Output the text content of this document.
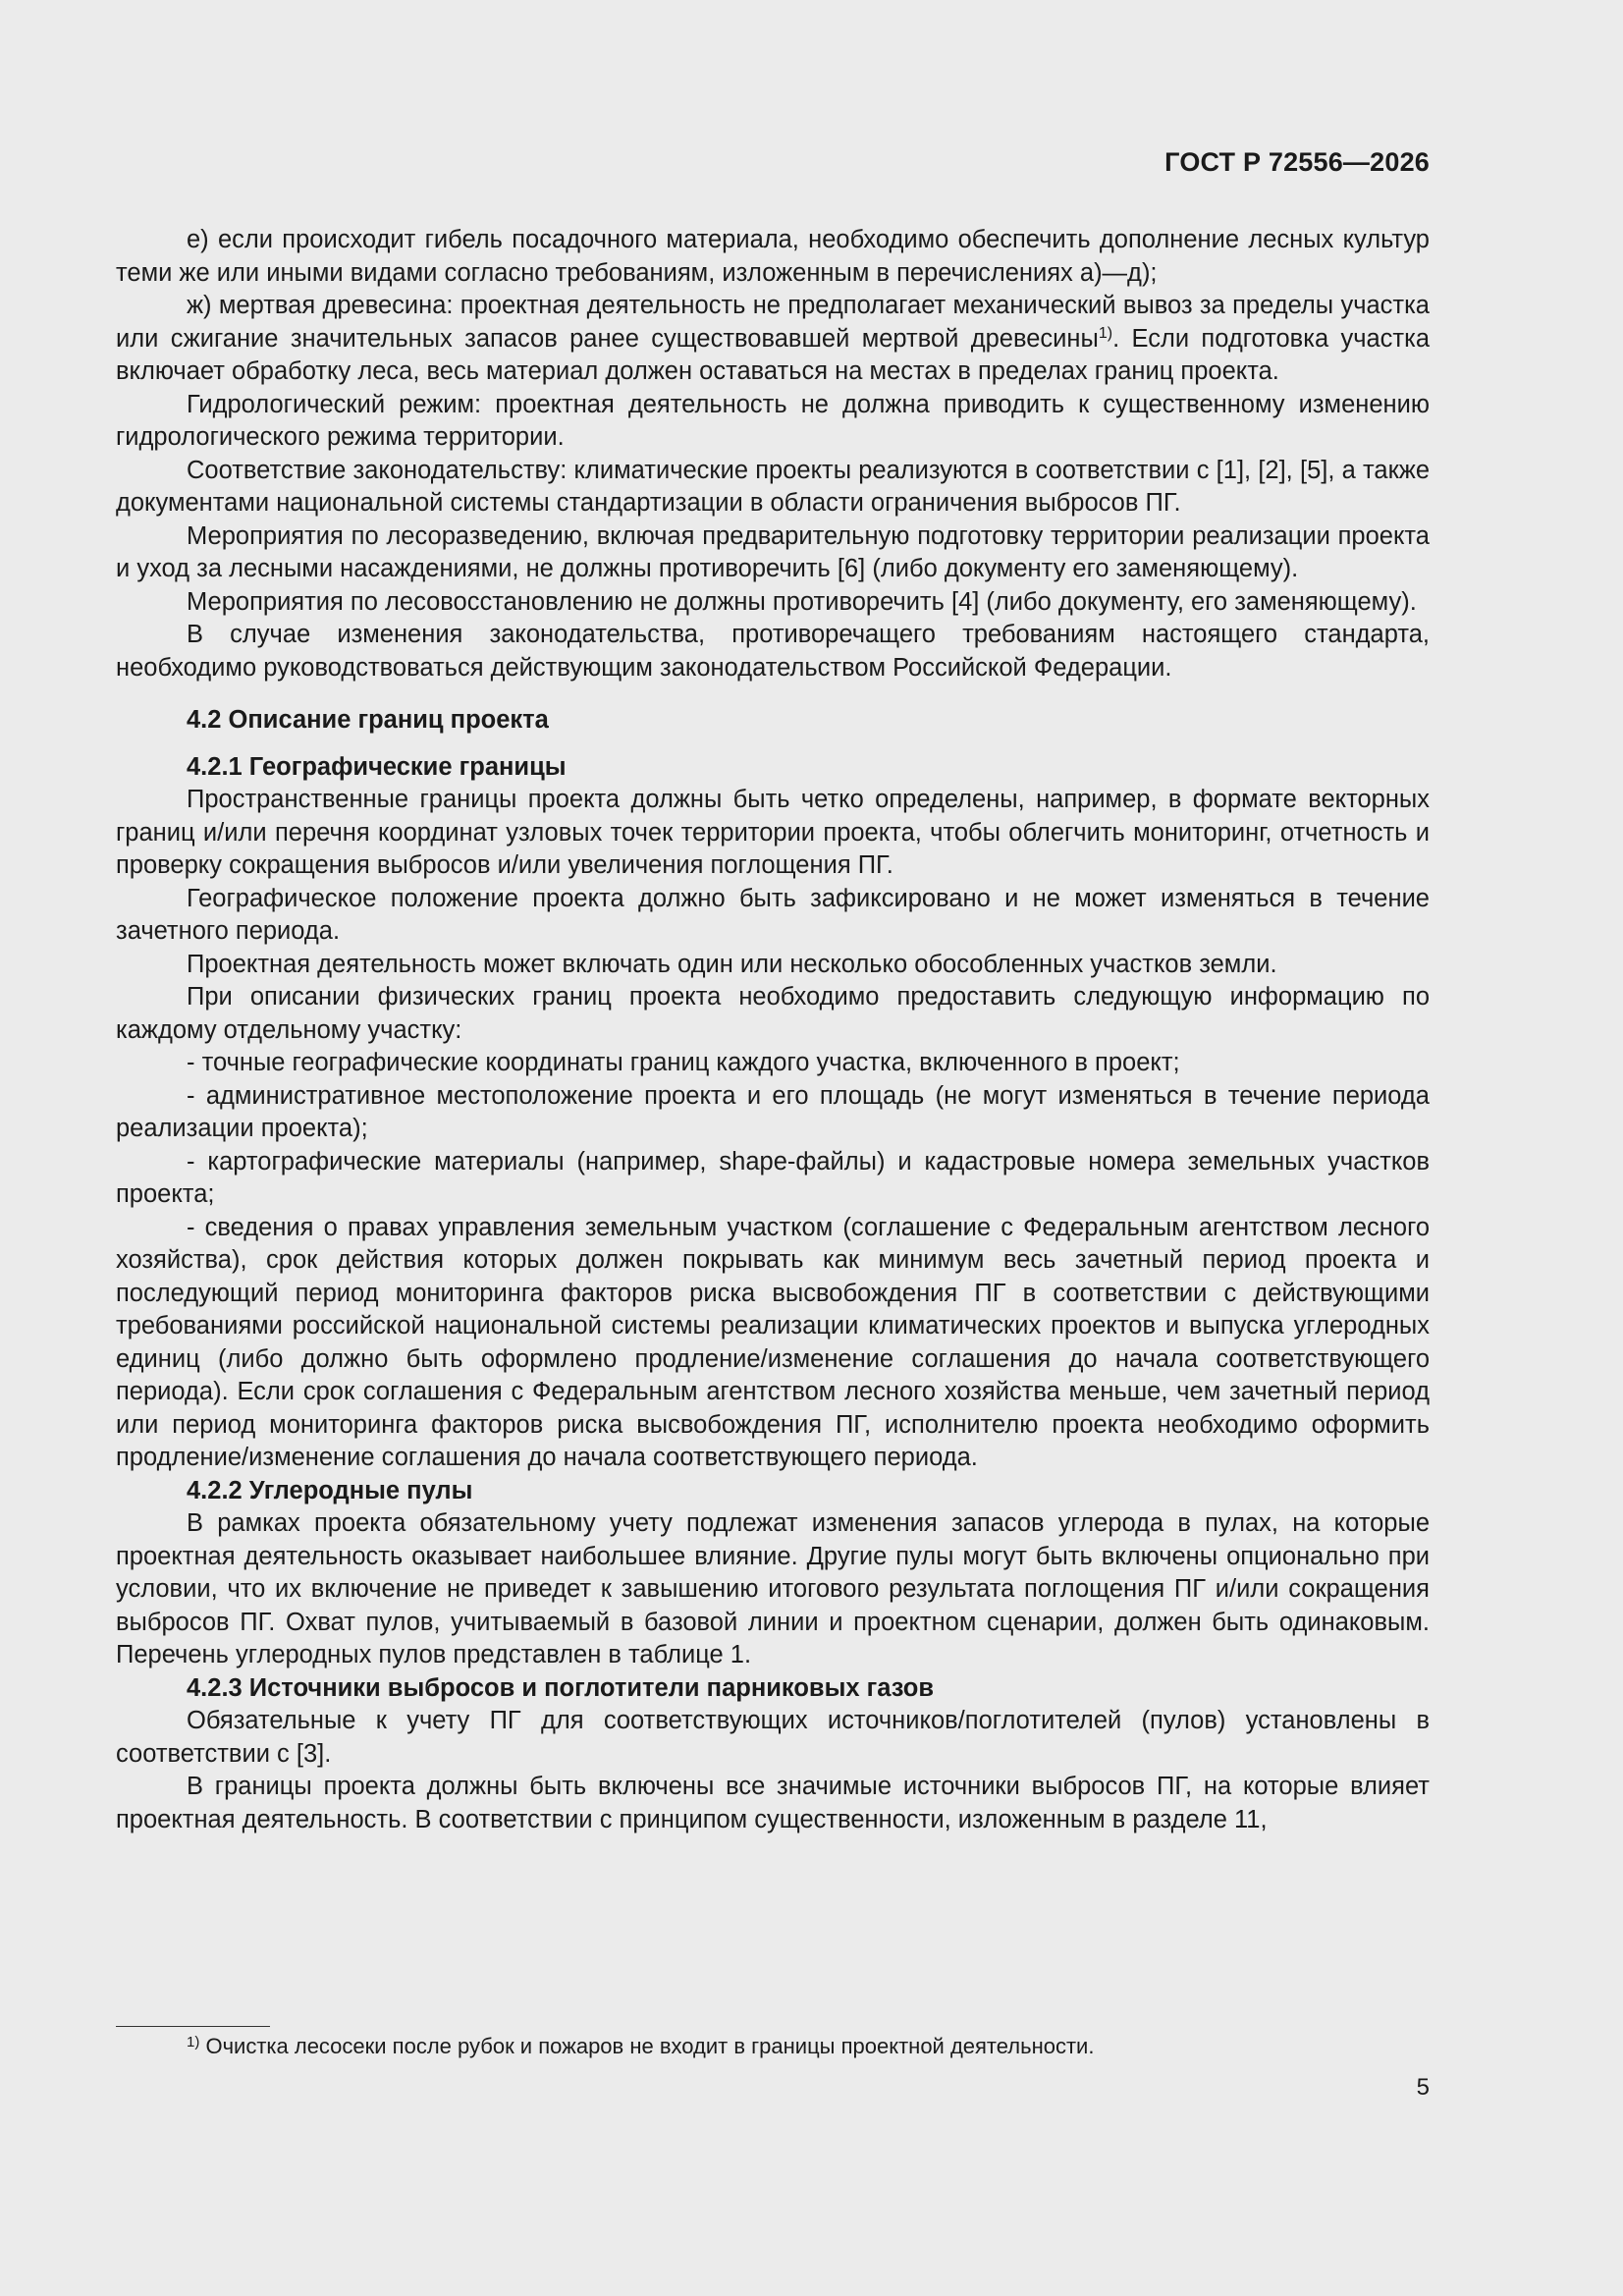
ГОСТ Р 72556—2026

е) если происходит гибель посадочного материала, необходимо обеспечить дополнение лесных культур теми же или иными видами согласно требованиям, изложенным в перечислениях а)—д);

ж) мертвая древесина: проектная деятельность не предполагает механический вывоз за пределы участка или сжигание значительных запасов ранее существовавшей мертвой древесины$^{1)}$. Если подготовка участка включает обработку леса, весь материал должен оставаться на местах в пределах границ проекта.

Гидрологический режим: проектная деятельность не должна приводить к существенному изменению гидрологического режима территории.

Соответствие законодательству: климатические проекты реализуются в соответствии с [1], [2], [5], а также документами национальной системы стандартизации в области ограничения выбросов ПГ.

Мероприятия по лесоразведению, включая предварительную подготовку территории реализации проекта и уход за лесными насаждениями, не должны противоречить [6] (либо документу его заменяющему).

Мероприятия по лесовосстановлению не должны противоречить [4] (либо документу, его заменяющему).

В случае изменения законодательства, противоречащего требованиям настоящего стандарта, необходимо руководствоваться действующим законодательством Российской Федерации.

4.2 Описание границ проекта

4.2.1 Географические границы

Пространственные границы проекта должны быть четко определены, например, в формате векторных границ и/или перечня координат узловых точек территории проекта, чтобы облегчить мониторинг, отчетность и проверку сокращения выбросов и/или увеличения поглощения ПГ.

Географическое положение проекта должно быть зафиксировано и не может изменяться в течение зачетного периода.

Проектная деятельность может включать один или несколько обособленных участков земли.

При описании физических границ проекта необходимо предоставить следующую информацию по каждому отдельному участку:

- точные географические координаты границ каждого участка, включенного в проект;

- административное местоположение проекта и его площадь (не могут изменяться в течение периода реализации проекта);

- картографические материалы (например, shape-файлы) и кадастровые номера земельных участков проекта;

- сведения о правах управления земельным участком (соглашение с Федеральным агентством лесного хозяйства), срок действия которых должен покрывать как минимум весь зачетный период проекта и последующий период мониторинга факторов риска высвобождения ПГ в соответствии с действующими требованиями российской национальной системы реализации климатических проектов и выпуска углеродных единиц (либо должно быть оформлено продление/изменение соглашения до начала соответствующего периода). Если срок соглашения с Федеральным агентством лесного хозяйства меньше, чем зачетный период или период мониторинга факторов риска высвобождения ПГ, исполнителю проекта необходимо оформить продление/изменение соглашения до начала соответствующего периода.

4.2.2 Углеродные пулы

В рамках проекта обязательному учету подлежат изменения запасов углерода в пулах, на которые проектная деятельность оказывает наибольшее влияние. Другие пулы могут быть включены опционально при условии, что их включение не приведет к завышению итогового результата поглощения ПГ и/или сокращения выбросов ПГ. Охват пулов, учитываемый в базовой линии и проектном сценарии, должен быть одинаковым. Перечень углеродных пулов представлен в таблице 1.

4.2.3 Источники выбросов и поглотители парниковых газов

Обязательные к учету ПГ для соответствующих источников/поглотителей (пулов) установлены в соответствии с [3].

В границы проекта должны быть включены все значимые источники выбросов ПГ, на которые влияет проектная деятельность. В соответствии с принципом существенности, изложенным в разделе 11,

$^{1)}$ Очистка лесосеки после рубок и пожаров не входит в границы проектной деятельности.
5
